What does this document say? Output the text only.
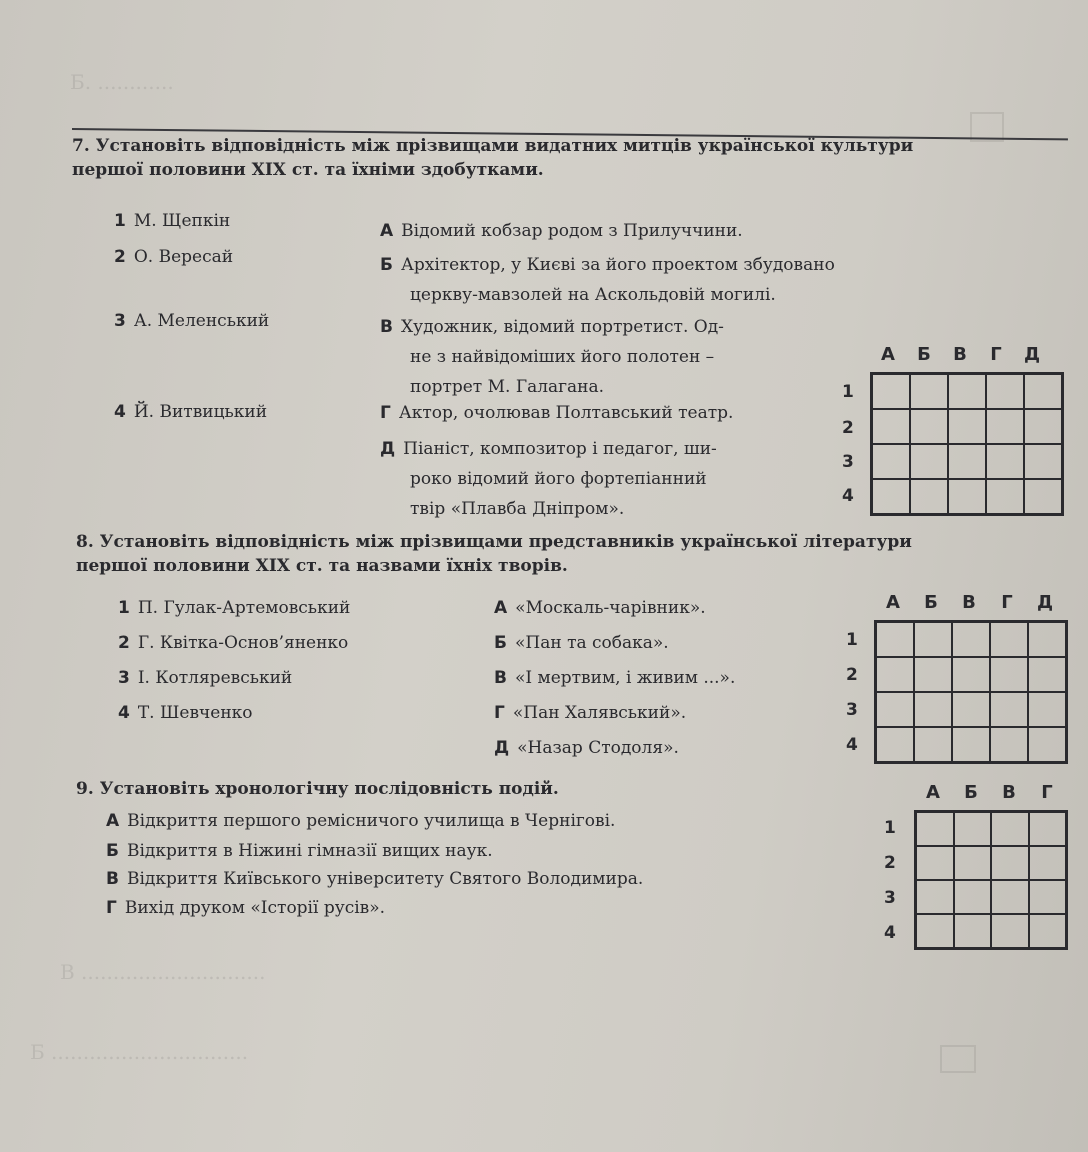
Б. ............
В .............................
Б ...............................
7. Установіть відповідність між прізвищами видатних митців української культури
першої половини XIX ст. та їхніми здобутками.
1 М. Щепкін
2 О. Вересай
3 А. Меленський
4 Й. Витвицький
А Відомий кобзар родом з Прилуччини.
Б Архітектор, у Києві за його проектом збудовано
церкву-мавзолей на Аскольдовій могилі.
В Художник, відомий портретист. Од-
не з найвідоміших його полотен –
портрет М. Галагана.
Г Актор, очолював Полтавський театр.
Д Піаніст, композитор і педагог, ши-
роко відомий його фортепіанний
твір «Плавба Дніпром».
А	Б	В	Г	Д
1
2
3
4
8. Установіть відповідність між прізвищами представників української літератури
першої половини XIX ст. та назвами їхніх творів.
1 П. Гулак-Артемовський
2 Г. Квітка-Основ’яненко
3 І. Котляревський
4 Т. Шевченко
А «Москаль-чарівник».
Б «Пан та собака».
В «І мертвим, і живим ...».
Г «Пан Халявський».
Д «Назар Стодоля».
А	Б	В	Г	Д
1
2
3
4
9. Установіть хронологічну послідовність подій.
А Відкриття першого ремісничого училища в Чернігові.
Б Відкриття в Ніжині гімназії вищих наук.
В Відкриття Київського університету Святого Володимира.
Г Вихід друком «Історії русів».
А	Б	В	Г
1
2
3
4
